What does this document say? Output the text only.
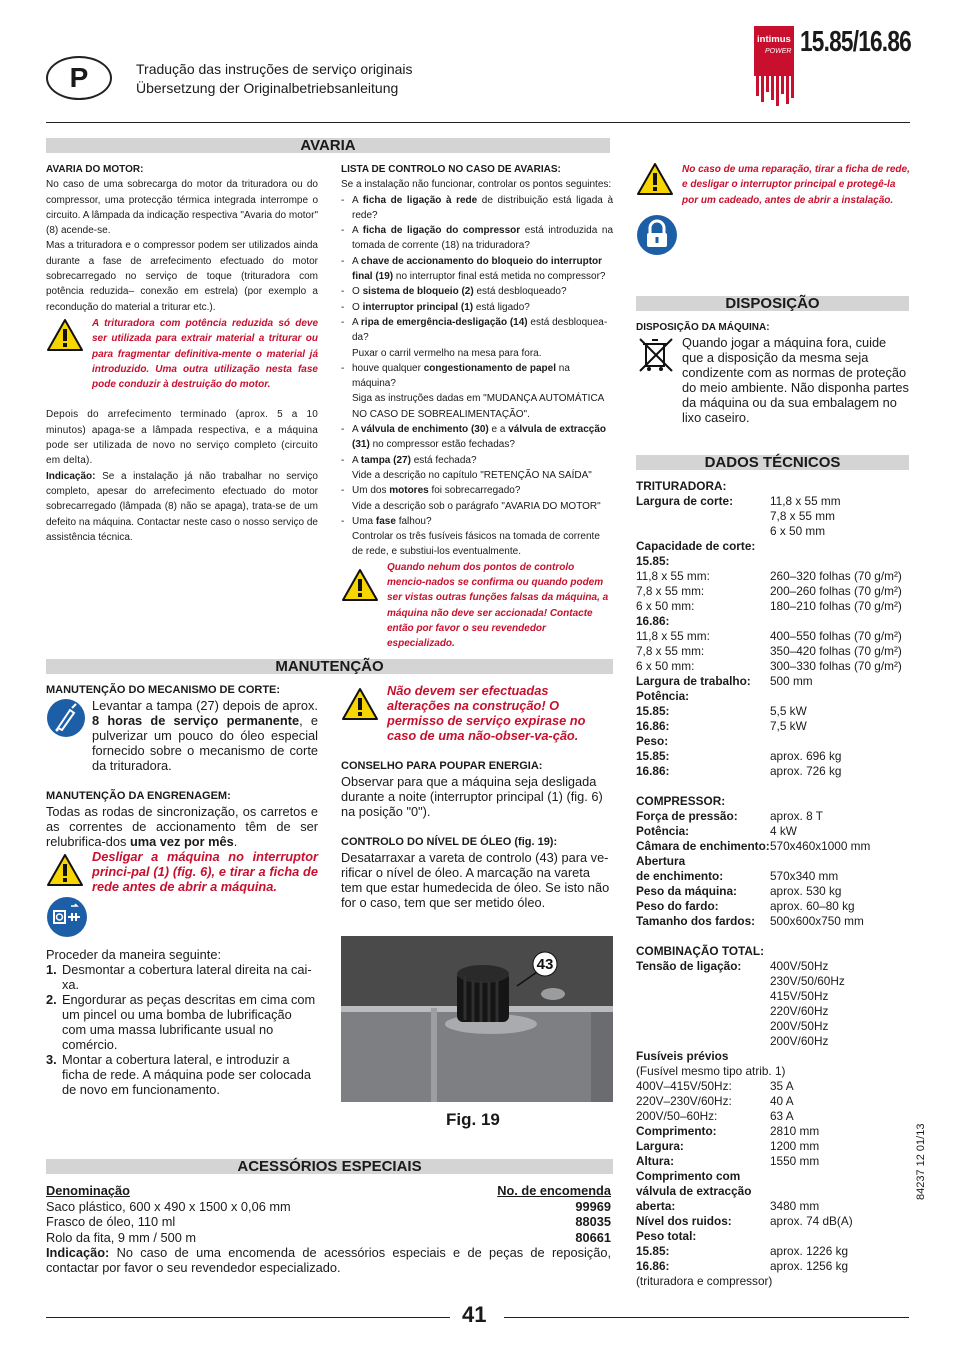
P	Tradução das instruções de serviço originais
Übersetzung der Originalbetriebsanleitung
intimus
POWER 15.85/16.86
AVARIA
AVARIA DO MOTOR:
No caso de uma sobrecarga do motor da trituradora ou do compressor, uma protecção térmica integrada interrompe o circuito. A lâmpada da indicação respectiva "Avaria do motor" (8) acende-se.
Mas a trituradora e o compressor podem ser utilizados ainda durante a fase de arrefecimento efectuado do motor sobrecarregado no serviço de toque (trituradora com potência reduzida– conexão em estrela) (por exemplo a recondução do material a triturar etc.).
A trituradora com potência reduzida só deve ser utilizada para extrair material a triturar ou para fragmentar definitiva-mente o material já introduzido. Uma outra utilização nesta fase pode conduzir à destruição do motor.
Depois do arrefecimento terminado (aprox. 5 a 10 minutos) apaga-se a lâmpada respectiva, e a máquina pode ser utilizada de novo no serviço completo (circuito em delta).
Indicação: Se a instalação já não trabalhar no serviço completo, apesar do arrefecimento efectuado do motor sobrecarregado (lâmpada (8) não se apaga), trata-se de um defeito na máquina. Contactar neste caso o nosso serviço de assistência técnica.
LISTA DE CONTROLO NO CASO DE AVARIAS:
Se a instalação não funcionar, controlar os pontos seguintes:
- A ficha de ligação à rede de distribuição está ligada à rede?
- A ficha de ligação do compressor está introduzida na tomada de corrente (18) na triduradora?
- A chave de accionamento do bloqueio do interruptor final (19) no interruptor final está metida no compressor?
- O sistema de bloqueio (2) está desbloqueado?
- O interruptor principal (1) está ligado?
- A ripa de emergência-desligação (14) está desbloquea-da?
Puxar o carril vermelho na mesa para fora.
- houve qualquer congestionamento de papel na máquina?
Siga as instruções dadas em "MUDANÇA AUTOMÁTICA NO CASO DE SOBREALIMENTAÇÃO".
- A válvula de enchimento (30) e a válvula de extracção (31) no compressor estão fechadas?
- A tampa (27) está fechada?
Vide a descrição no capítulo "RETENÇÃO NA SAÍDA"
- Um dos motores foi sobrecarregado?
Vide a descrição sob o parágrafo "AVARIA DO MOTOR"
- Uma fase falhou?
Controlar os três fusíveis fásicos na tomada de corrente de rede, e substiui-los eventualmente.
Quando nehum dos pontos de controlo mencio-nados se confirma ou quando podem ser vistas outras funções falsas da máquina, a máquina não deve ser accionada! Contacte então por favor o seu revendedor especializado.
No caso de uma reparação, tirar a ficha de rede, e desligar o interruptor principal e protegê-la por um cadeado, antes de abrir a instalação.
DISPOSIÇÃO
DISPOSIÇÃO DA MÁQUINA:
Quando jogar a máquina fora, cuide que a disposição da mesma seja condizente com as normas de proteção do meio ambiente. Não disponha partes da máquina ou da sua embalagem no lixo caseiro.
DADOS TÉCNICOS
TRITURADORA:
Largura de corte:	11,8 x 55 mm
7,8 x 55 mm
6 x 50 mm
Capacidade de corte:
15.85:
11,8 x 55 mm:	260–320 folhas (70 g/m²)
7,8 x 55 mm:	200–260 folhas (70 g/m²)
6 x 50 mm:	180–210 folhas (70 g/m²)
16.86:
11,8 x 55 mm:	400–550 folhas (70 g/m²)
7,8 x 55 mm:	350–420 folhas (70 g/m²)
6 x 50 mm:	300–330 folhas (70 g/m²)
Largura de trabalho:	500 mm
Potência:
15.85:	5,5 kW
16.86:	7,5 kW
Peso:
15.85:	aprox. 696 kg
16.86:	aprox. 726 kg
COMPRESSOR:
Força de pressão:	aprox. 8 T
Potência:	4 kW
Câmara de enchimento: 570x460x1000 mm
Abertura
de enchimento:	570x340 mm
Peso da máquina:	aprox. 530 kg
Peso do fardo:	aprox. 60–80 kg
Tamanho dos fardos:	500x600x750 mm
COMBINAÇÃO TOTAL:
Tensão de ligação:	400V/50Hz
230V/50/60Hz
415V/50Hz
220V/60Hz
200V/50Hz
200V/60Hz
Fusíveis prévios
(Fusível mesmo tipo atrib. 1)
400V–415V/50Hz:	35 A
220V–230V/60Hz:	40 A
200V/50–60Hz:	63 A
Comprimento:	2810 mm
Largura:	1200 mm
Altura:	1550 mm
Comprimento com
válvula de extracção
aberta:	3480 mm
Nível dos ruidos:	aprox. 74 dB(A)
Peso total:
15.85:	aprox. 1226 kg
16.86:	aprox. 1256 kg
(trituradora e compressor)
MANUTENÇÃO
MANUTENÇÃO DO MECANISMO DE CORTE:
Levantar a tampa (27) depois de aprox. 8 horas de serviço permanente, e pulverizar um pouco do óleo especial fornecido sobre o mecanismo de corte da trituradora.
MANUTENÇÃO DA ENGRENAGEM:
Todas as rodas de sincronização, os carretos e as correntes de accionamento têm de ser relubrifica-dos uma vez por mês.
Desligar a máquina no interruptor princi-pal (1) (fig. 6), e tirar a ficha de rede antes de abrir a máquina.
Proceder da maneira seguinte:
1. Desmontar a cobertura lateral direita na cai-xa.
2. Engordurar as peças descritas em cima com um pincel ou uma bomba de lubrificação com uma massa lubrificante usual no comércio.
3. Montar a cobertura lateral, e introduzir a ficha de rede. A máquina pode ser colocada de novo em funcionamento.
Não devem ser efectuadas alterações na construção! O permisso de serviço expirase no caso de uma não-obser-va-ção.
CONSELHO PARA POUPAR ENERGIA:
Observar para que a máquina seja desligada durante a noite (interruptor principal (1) (fig. 6) na posição "0").
CONTROLO DO NÍVEL DE ÓLEO (fig. 19):
Desatarraxar a vareta de controlo (43) para ve-rificar o nível de óleo. A marcação na vareta tem que estar humedecida de óleo. Se isto não for o caso, tem que ser metido óleo.
43
Fig. 19
ACESSÓRIOS ESPECIAIS
Denominação	No. de encomenda
Saco plástico, 600 x 490 x 1500 x 0,06 mm	99969
Frasco de óleo, 110 ml	88035
Rolo da fita, 9 mm / 500 m	80661
Indicação: No caso de uma encomenda de acessórios especiais e de peças de reposição, contactar por favor o seu revendedor especializado.
41
84237 12 01/13
